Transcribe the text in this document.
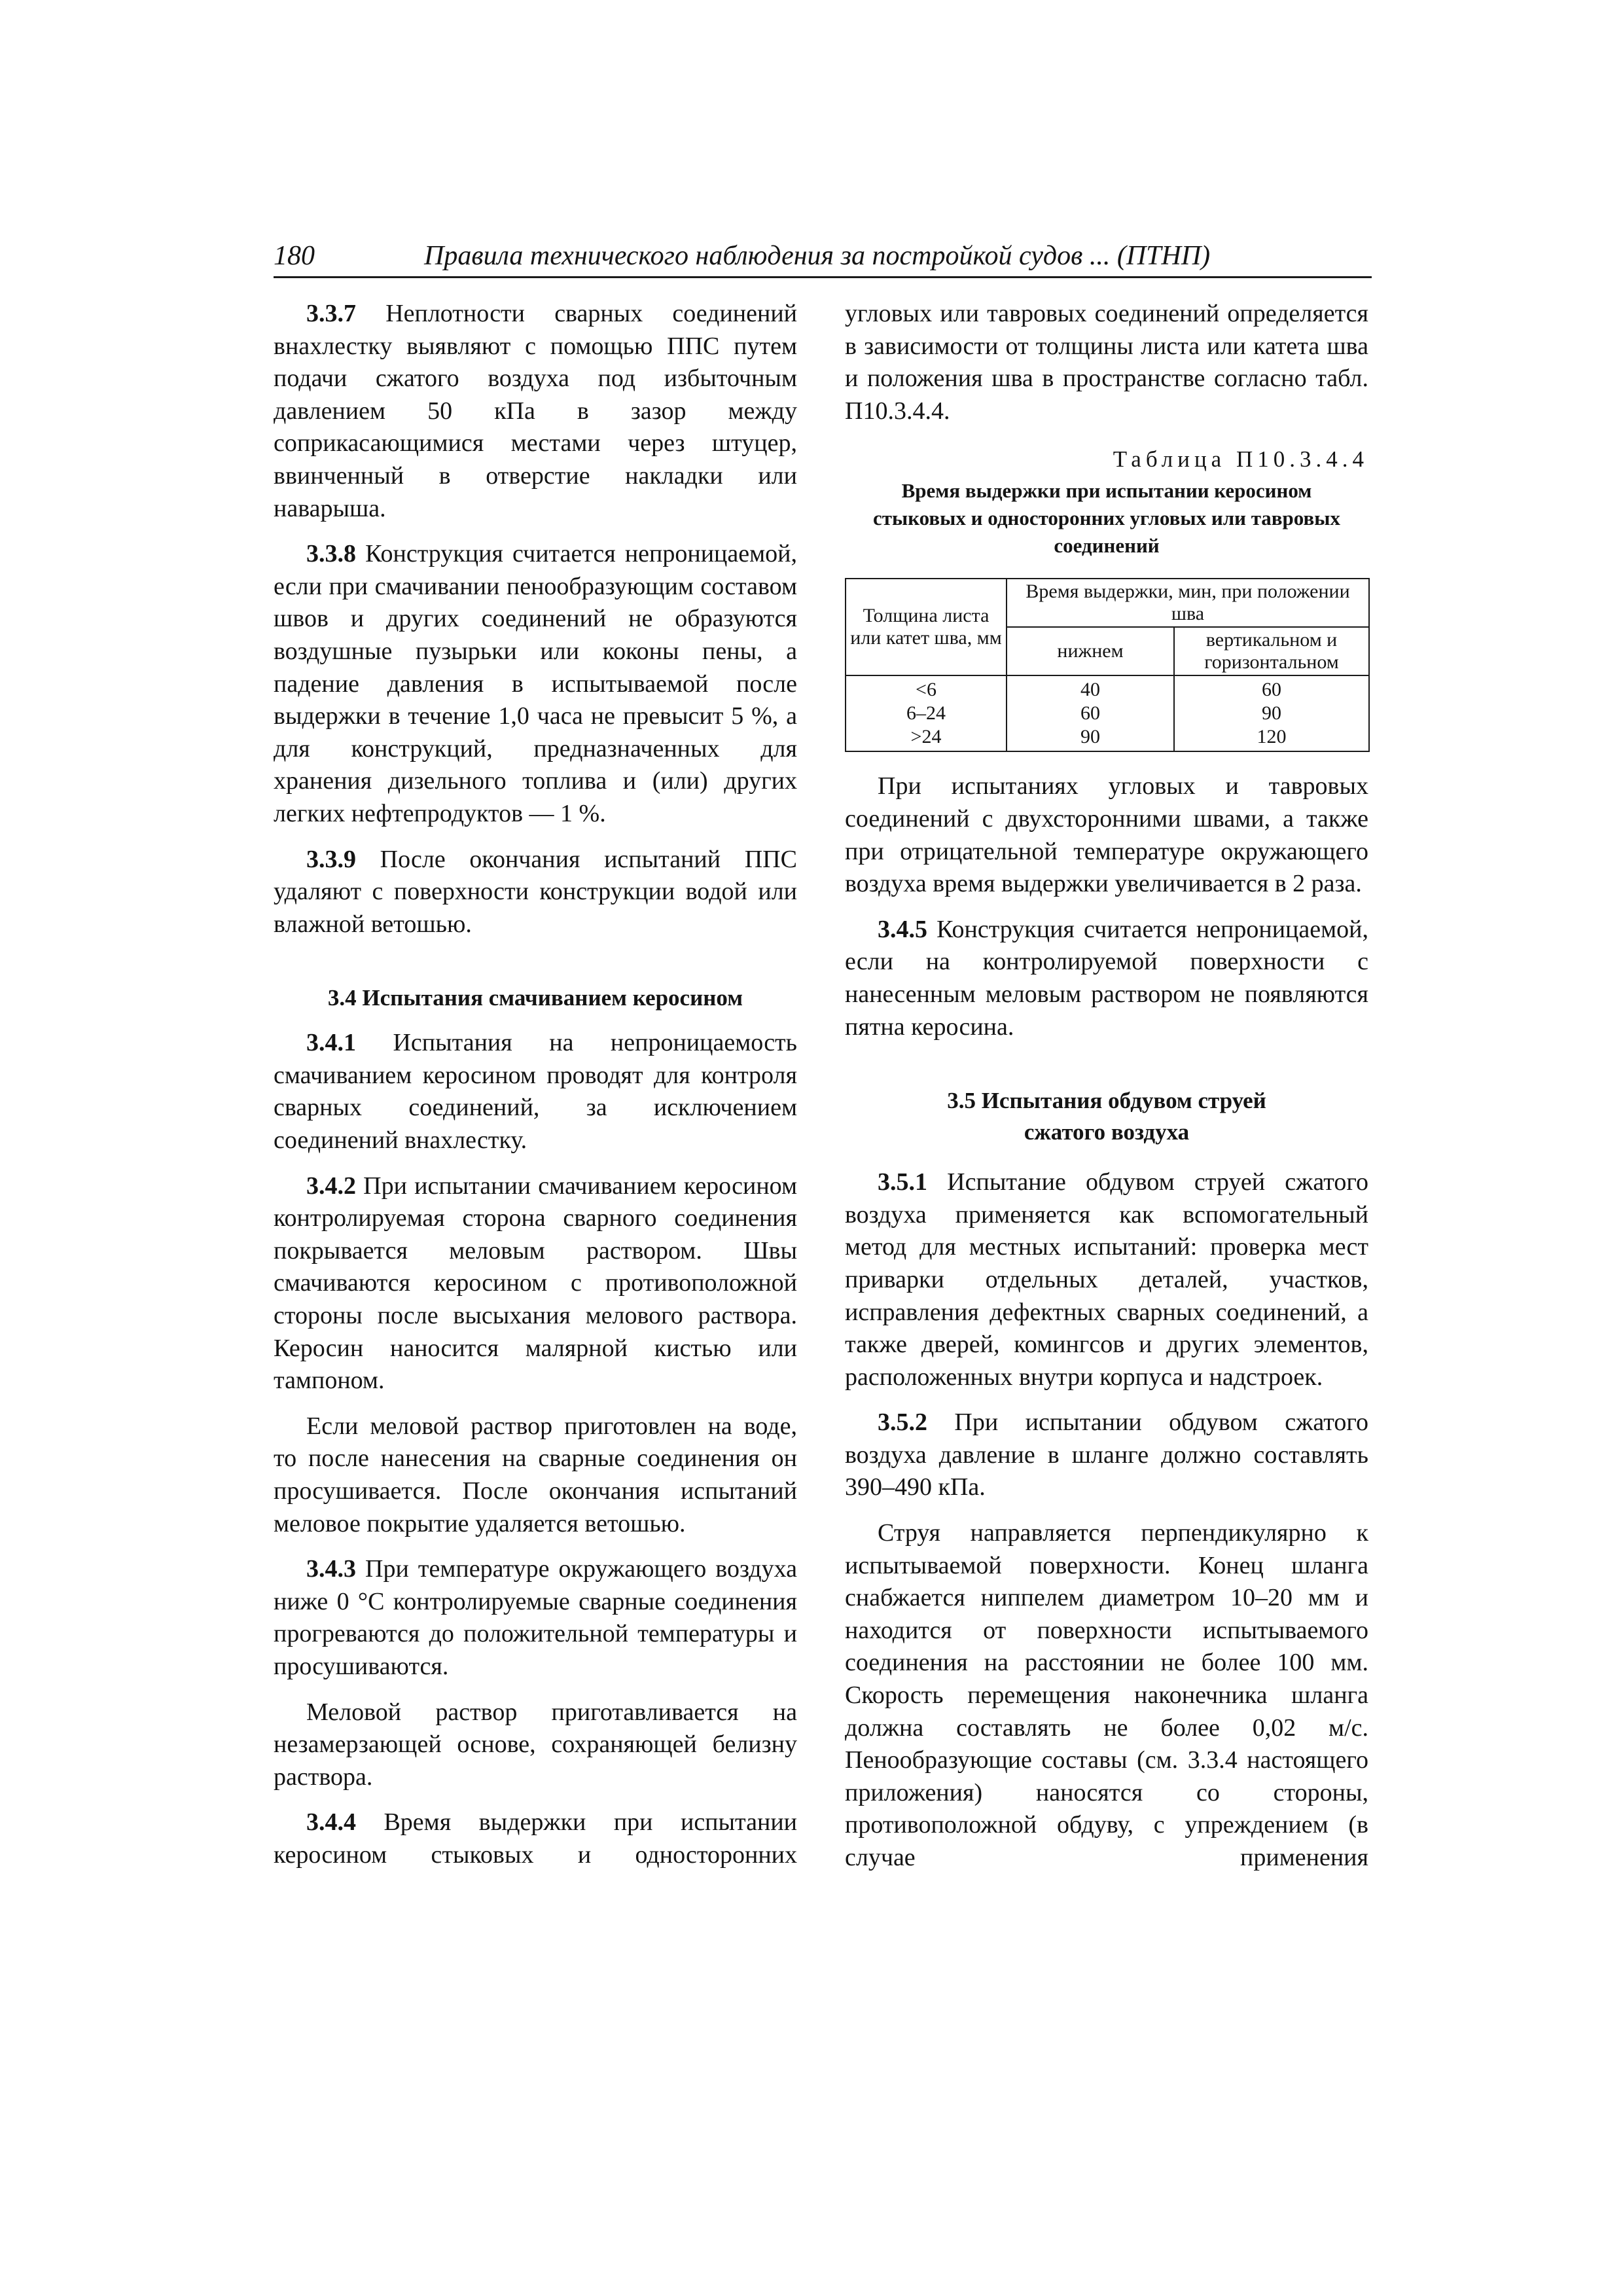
180	Правила технического наблюдения за постройкой судов ... (ПТНП)

3.3.7 Неплотности сварных соединений внахлестку выявляют с помощью ППС путем подачи сжатого воздуха под избыточным давлением 50 кПа в зазор между соприкасающимися местами через штуцер, ввинченный в отверстие накладки или наварыша.

3.3.8 Конструкция считается непроницаемой, если при смачивании пенообразующим составом швов и других соединений не образуются воздушные пузырьки или коконы пены, а падение давления в испытываемой после выдержки в течение 1,0 часа не превысит 5 %, а для конструкций, предназначенных для хранения дизельного топлива и (или) других легких нефтепродуктов — 1 %.

3.3.9 После окончания испытаний ППС удаляют с поверхности конструкции водой или влажной ветошью.

3.4 Испытания смачиванием керосином

3.4.1 Испытания на непроницаемость смачиванием керосином проводят для контроля сварных соединений, за исключением соединений внахлестку.

3.4.2 При испытании смачиванием керосином контролируемая сторона сварного соединения покрывается меловым раствором. Швы смачиваются керосином с противоположной стороны после высыхания мелового раствора. Керосин наносится малярной кистью или тампоном.

Если меловой раствор приготовлен на воде, то после нанесения на сварные соединения он просушивается. После окончания испытаний меловое покрытие удаляется ветошью.

3.4.3 При температуре окружающего воздуха ниже 0 °С контролируемые сварные соединения прогреваются до положительной температуры и просушиваются.

Меловой раствор приготавливается на незамерзающей основе, сохраняющей белизну раствора.

3.4.4 Время выдержки при испытании керосином стыковых и односторонних

угловых или тавровых соединений определяется в зависимости от толщины листа или катета шва и положения шва в пространстве согласно табл. П10.3.4.4.

Таблица П10.3.4.4
Время выдержки при испытании керосином стыковых и односторонних угловых или тавровых соединений
Толщина листа или катет шва, мм	Время выдержки, мин, при положении шва	
	нижнем	вертикальном и горизонтальном
<6	40	60
6–24	60	90
>24	90	120

При испытаниях угловых и тавровых соединений с двухсторонними швами, а также при отрицательной температуре окружающего воздуха время выдержки увеличивается в 2 раза.

3.4.5 Конструкция считается непроницаемой, если на контролируемой поверхности с нанесенным меловым раствором не появляются пятна керосина.

3.5 Испытания обдувом струей
сжатого воздуха

3.5.1 Испытание обдувом струей сжатого воздуха применяется как вспомогательный метод для местных испытаний: проверка мест приварки отдельных деталей, участков, исправления дефектных сварных соединений, а также дверей, комингсов и других элементов, расположенных внутри корпуса и надстроек.

3.5.2 При испытании обдувом сжатого воздуха давление в шланге должно составлять 390–490 кПа.

Струя направляется перпендикулярно к испытываемой поверхности. Конец шланга снабжается ниппелем диаметром 10–20 мм и находится от поверхности испытываемого соединения на расстоянии не более 100 мм. Скорость перемещения наконечника шланга должна составлять не более 0,02 м/с. Пенообразующие составы (см. 3.3.4 настоящего приложения) наносятся со стороны, противоположной обдуву, с упреждением (в случае применения
